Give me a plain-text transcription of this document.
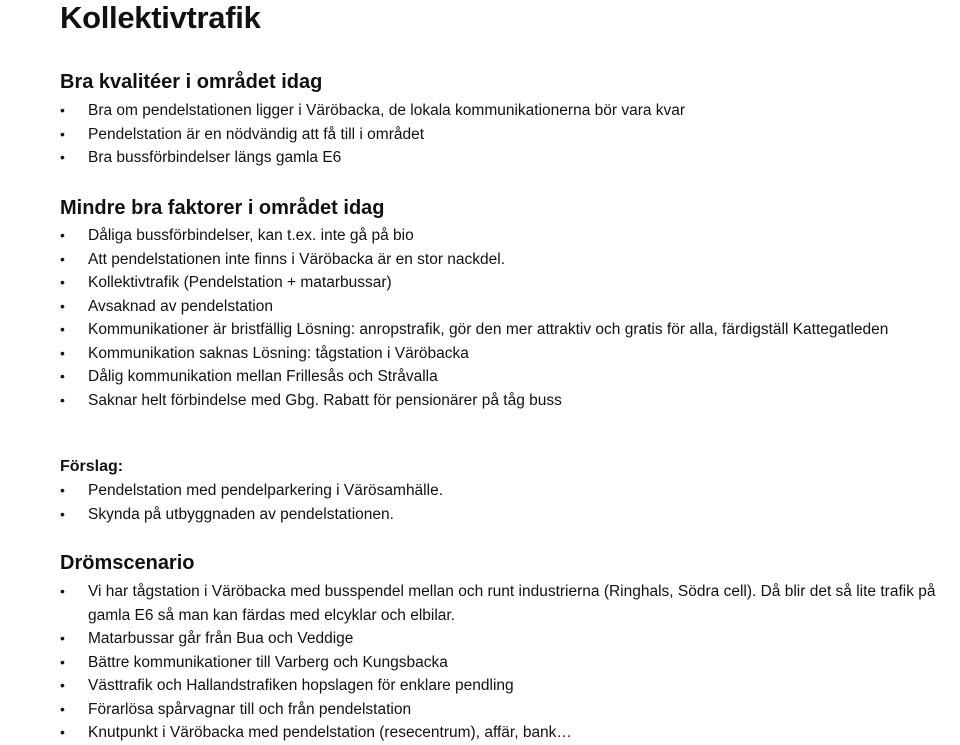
Kollektivtrafik
Bra kvalitéer i området idag
• Bra om pendelstationen ligger i Väröbacka, de lokala kommunikationerna bör vara kvar
• Pendelstation är en nödvändig att få till i området
• Bra bussförbindelser längs gamla E6
Mindre bra faktorer i området idag
• Dåliga bussförbindelser, kan t.ex. inte gå på bio
• Att pendelstationen inte finns i Väröbacka är en stor nackdel.
• Kollektivtrafik (Pendelstation + matarbussar)
• Avsaknad av pendelstation
• Kommunikationer är bristfällig Lösning: anropstrafik, gör den mer attraktiv och gratis för alla, färdigställ Kattegatleden
• Kommunikation saknas Lösning: tågstation i Väröbacka
• Dålig kommunikation mellan Frillesås och Stråvalla
• Saknar helt förbindelse med Gbg. Rabatt för pensionärer på tåg buss
Förslag:
• Pendelstation med pendelparkering i Värösamhälle.
• Skynda på utbyggnaden av pendelstationen.
Drömscenario
• Vi har tågstation i Väröbacka med busspendel mellan och runt industrierna (Ringhals, Södra cell). Då blir det så lite trafik på gamla E6 så man kan färdas med elcyklar och elbilar.
• Matarbussar går från Bua och Veddige
• Bättre kommunikationer till Varberg och Kungsbacka
• Västtrafik och Hallandstrafiken hopslagen för enklare pendling
• Förarlösa spårvagnar till och från pendelstation
• Knutpunkt i Väröbacka med pendelstation (resecentrum), affär, bank…
